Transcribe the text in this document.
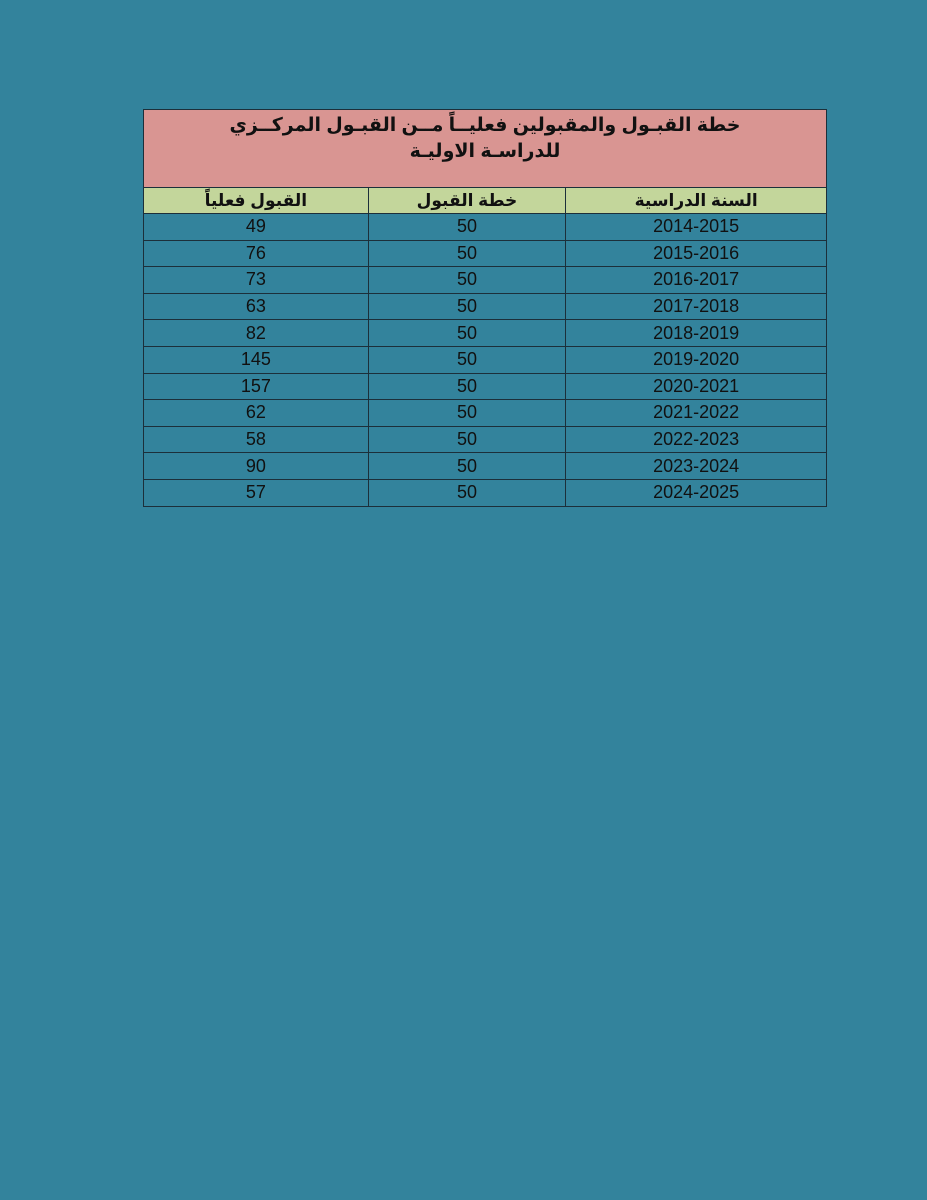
خطة القبـول والمقبولين فعليــاً مــن القبـول المركــزي
للدراسـة الاوليـة		

السنة الدراسية	خطة القبول	القبول فعلياً
2014-2015	50	49
2015-2016	50	76
2016-2017	50	73
2017-2018	50	63
2018-2019	50	82
2019-2020	50	145
2020-2021	50	157
2021-2022	50	62
2022-2023	50	58
2023-2024	50	90
2024-2025	50	57
